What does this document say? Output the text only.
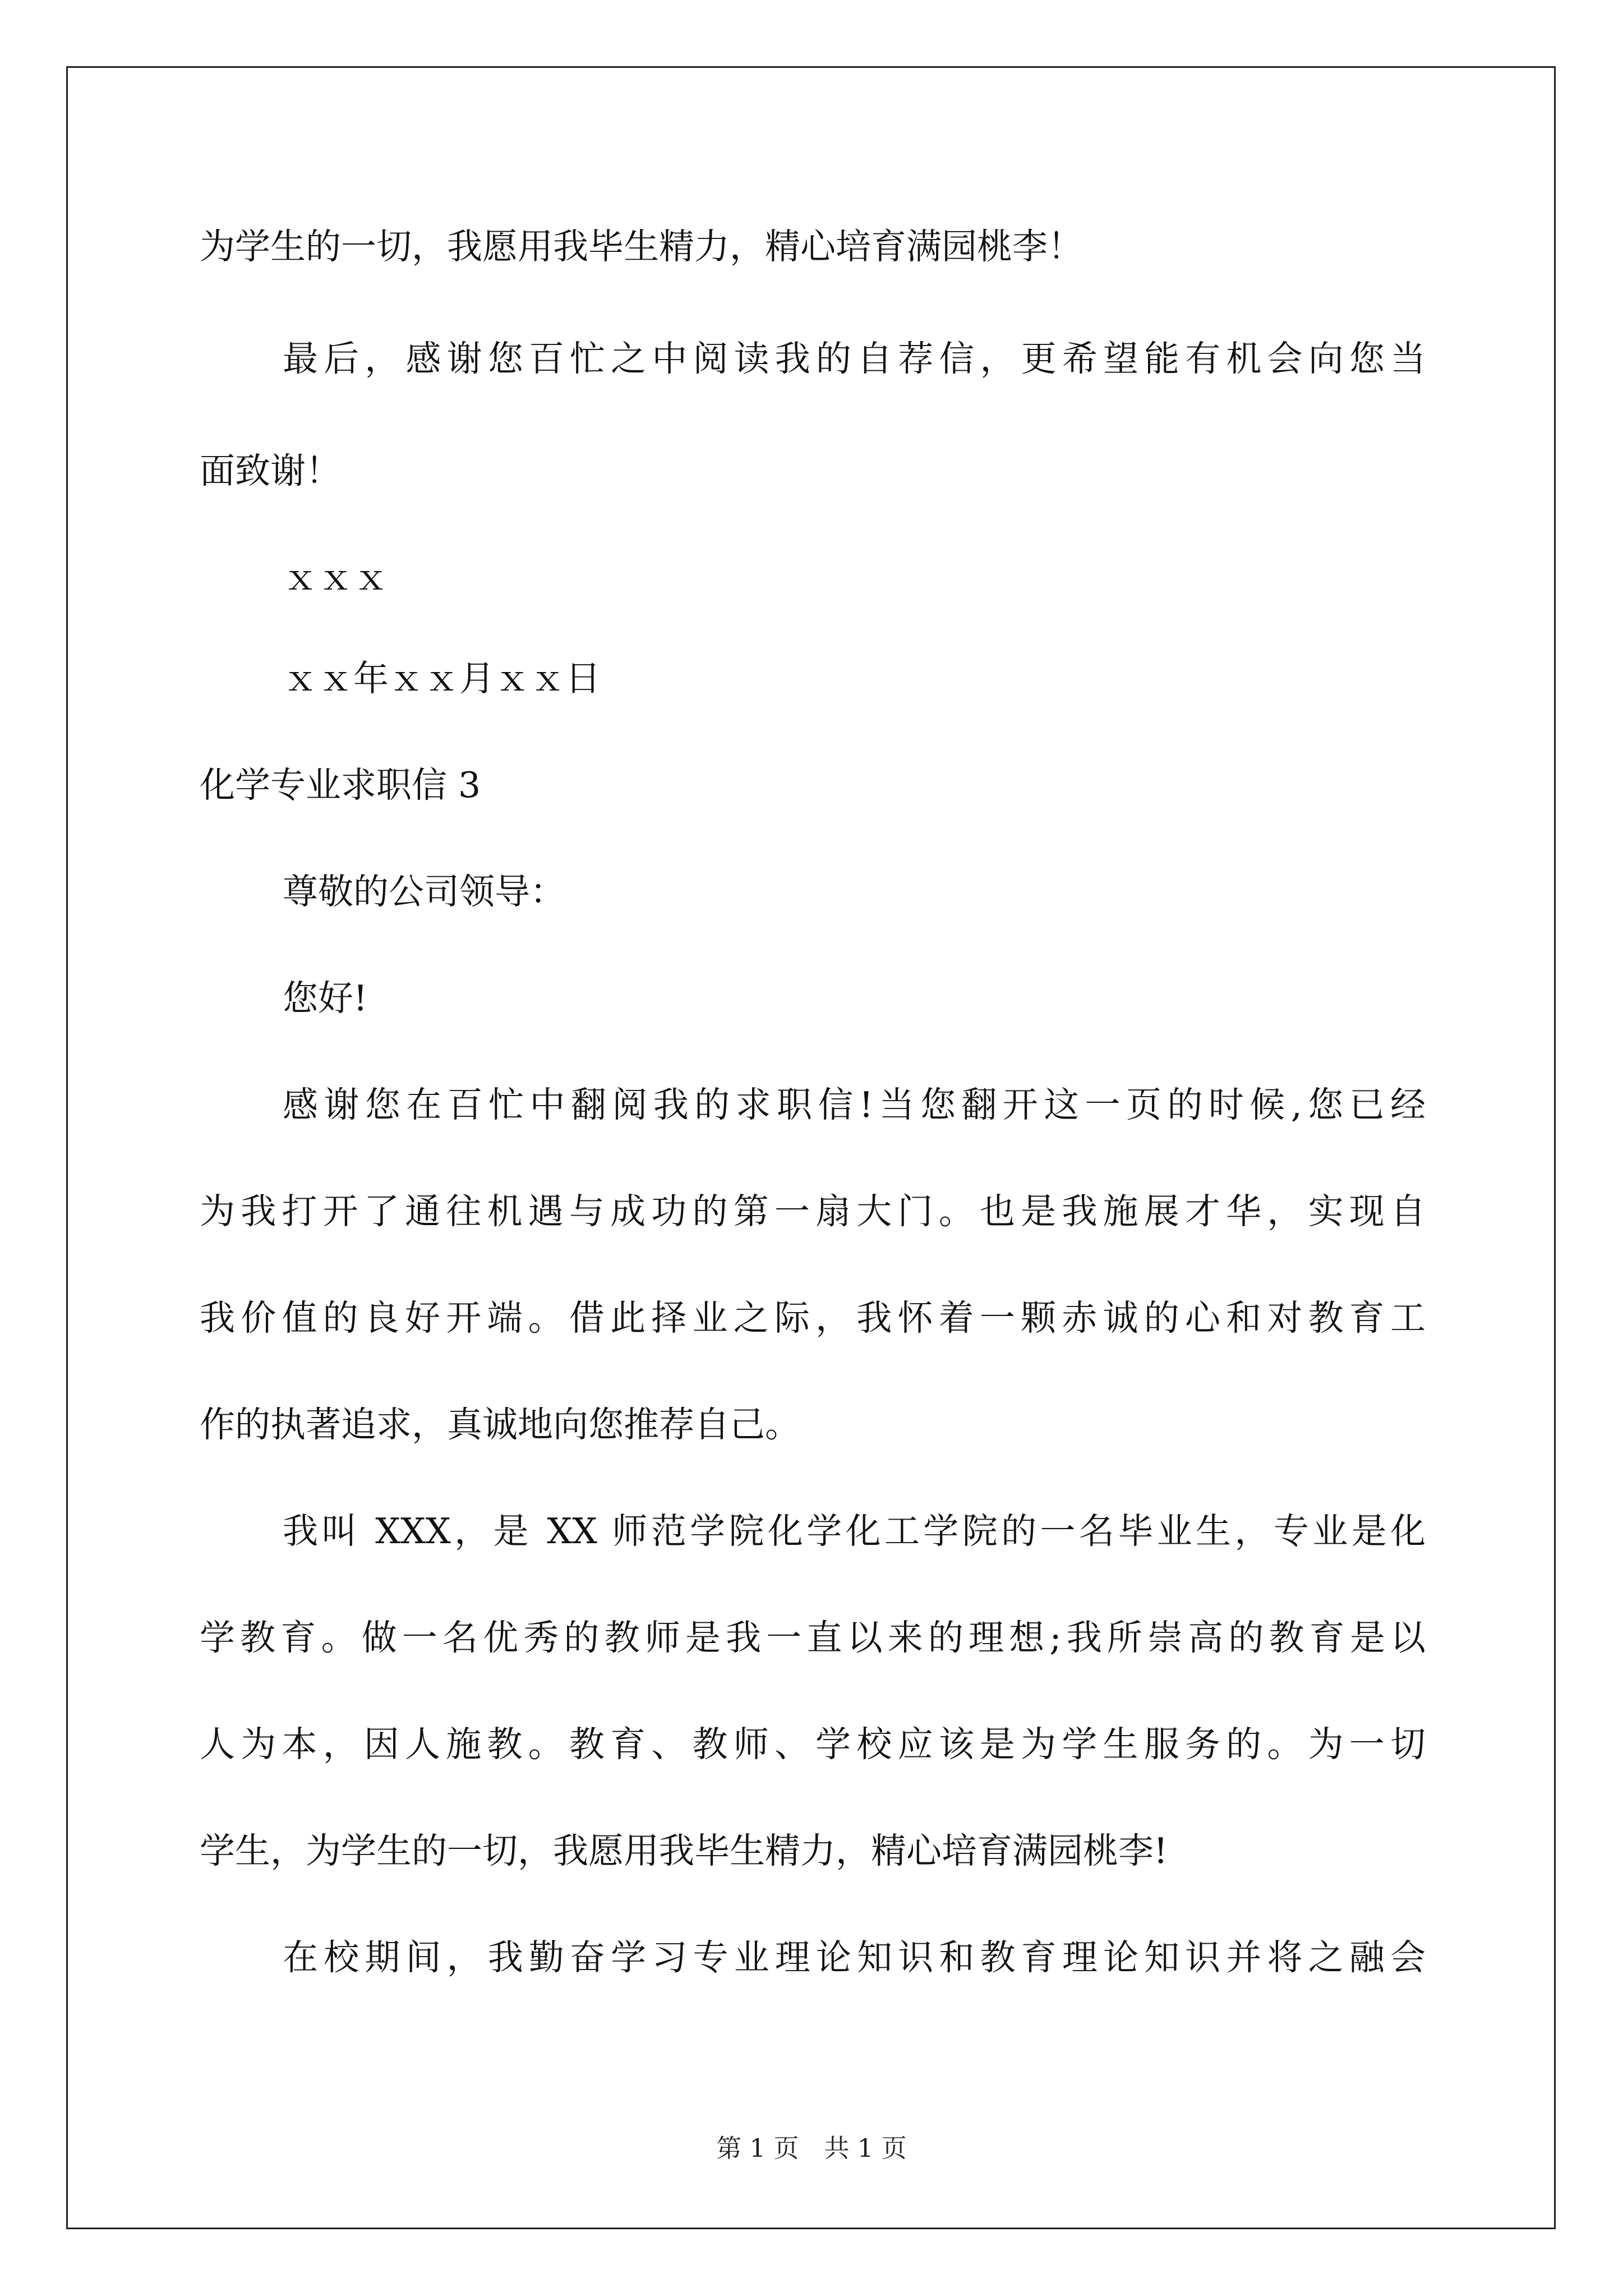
为学生的一切，我愿用我毕生精力，精心培育满园桃李！
最后，感谢您百忙之中阅读我的自荐信，更希望能有机会向您当
面致谢！
ｘｘｘ
ｘｘ年ｘｘ月ｘｘ日
化学专业求职信 3
尊敬的公司领导：
您好!
感谢您在百忙中翻阅我的求职信!当您翻开这一页的时候,您已经
为我打开了通往机遇与成功的第一扇大门。也是我施展才华，实现自
我价值的良好开端。借此择业之际，我怀着一颗赤诚的心和对教育工
作的执著追求，真诚地向您推荐自己。
我叫 XXX，是 XX 师范学院化学化工学院的一名毕业生，专业是化
学教育。做一名优秀的教师是我一直以来的理想;我所崇高的教育是以
人为本，因人施教。教育、教师、学校应该是为学生服务的。为一切
学生，为学生的一切，我愿用我毕生精力，精心培育满园桃李!
在校期间，我勤奋学习专业理论知识和教育理论知识并将之融会
第 1 页　共 1 页
